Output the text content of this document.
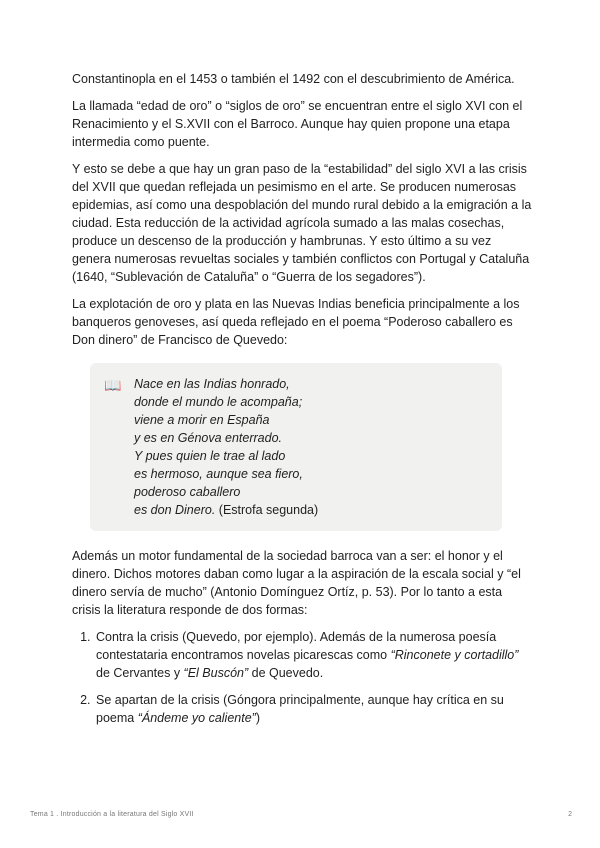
Constantinopla en el 1453 o también el 1492 con el descubrimiento de América.

La llamada “edad de oro” o “siglos de oro” se encuentran entre el siglo XVI con el Renacimiento y el S.XVII con el Barroco. Aunque hay quien propone una etapa intermedia como puente.

Y esto se debe a que hay un gran paso de la “estabilidad” del siglo XVI a las crisis del XVII que quedan reflejada un pesimismo en el arte. Se producen numerosas epidemias, así como una despoblación del mundo rural debido a la emigración a la ciudad. Esta reducción de la actividad agrícola sumado a las malas cosechas, produce un descenso de la producción y hambrunas. Y esto último a su vez genera numerosas revueltas sociales y también conflictos con Portugal y Cataluña (1640, “Sublevación de Cataluña” o “Guerra de los segadores”).

La explotación de oro y plata en las Nuevas Indias beneficia principalmente a los banqueros genoveses, así queda reflejado en el poema “Poderoso caballero es Don dinero” de Francisco de Quevedo:

📖	Nace en las Indias honrado,
donde el mundo le acompaña;
viene a morir en España
y es en Génova enterrado.
Y pues quien le trae al lado
es hermoso, aunque sea fiero,
poderoso caballero
es don Dinero. (Estrofa segunda)

Además un motor fundamental de la sociedad barroca van a ser: el honor y el dinero. Dichos motores daban como lugar a la aspiración de la escala social y “el dinero servía de mucho” (Antonio Domínguez Ortíz, p. 53). Por lo tanto a esta crisis la literatura responde de dos formas:

1. Contra la crisis (Quevedo, por ejemplo). Además de la numerosa poesía contestataria encontramos novelas picarescas como “Rinconete y cortadillo” de Cervantes y “El Buscón” de Quevedo.
2. Se apartan de la crisis (Góngora principalmente, aunque hay crítica en su poema “Ándeme yo caliente”)
Tema 1 . Introducción a la literatura del Siglo XVII	2
